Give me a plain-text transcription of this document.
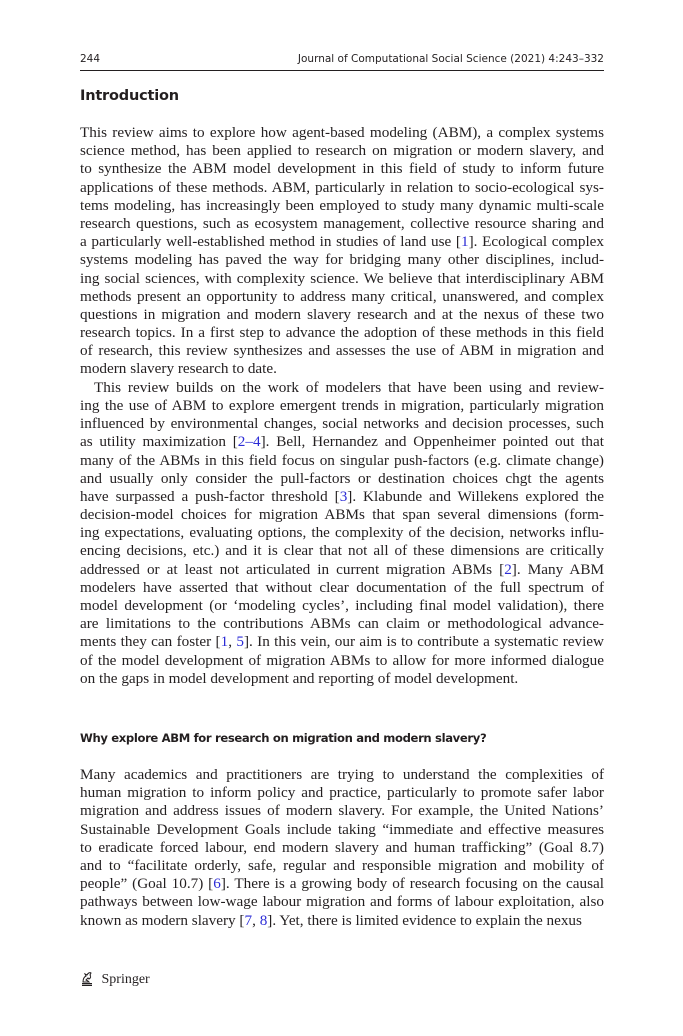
244	Journal of Computational Social Science (2021) 4:243–332
Introduction
This review aims to explore how agent-based modeling (ABM), a complex systems
science method, has been applied to research on migration or modern slavery, and
to synthesize the ABM model development in this field of study to inform future
applications of these methods. ABM, particularly in relation to socio-ecological sys-
tems modeling, has increasingly been employed to study many dynamic multi-scale
research questions, such as ecosystem management, collective resource sharing and
a particularly well-established method in studies of land use [1]. Ecological complex
systems modeling has paved the way for bridging many other disciplines, includ-
ing social sciences, with complexity science. We believe that interdisciplinary ABM
methods present an opportunity to address many critical, unanswered, and complex
questions in migration and modern slavery research and at the nexus of these two
research topics. In a first step to advance the adoption of these methods in this field
of research, this review synthesizes and assesses the use of ABM in migration and
modern slavery research to date.
This review builds on the work of modelers that have been using and review-
ing the use of ABM to explore emergent trends in migration, particularly migration
influenced by environmental changes, social networks and decision processes, such
as utility maximization [2–4]. Bell, Hernandez and Oppenheimer pointed out that
many of the ABMs in this field focus on singular push-factors (e.g. climate change)
and usually only consider the pull-factors or destination choices chgt the agents
have surpassed a push-factor threshold [3]. Klabunde and Willekens explored the
decision-model choices for migration ABMs that span several dimensions (form-
ing expectations, evaluating options, the complexity of the decision, networks influ-
encing decisions, etc.) and it is clear that not all of these dimensions are critically
addressed or at least not articulated in current migration ABMs [2]. Many ABM
modelers have asserted that without clear documentation of the full spectrum of
model development (or ‘modeling cycles’, including final model validation), there
are limitations to the contributions ABMs can claim or methodological advance-
ments they can foster [1, 5]. In this vein, our aim is to contribute a systematic review
of the model development of migration ABMs to allow for more informed dialogue
on the gaps in model development and reporting of model development.
Why explore ABM for research on migration and modern slavery?
Many academics and practitioners are trying to understand the complexities of
human migration to inform policy and practice, particularly to promote safer labor
migration and address issues of modern slavery. For example, the United Nations’
Sustainable Development Goals include taking “immediate and effective measures
to eradicate forced labour, end modern slavery and human trafficking” (Goal 8.7)
and to “facilitate orderly, safe, regular and responsible migration and mobility of
people” (Goal 10.7) [6]. There is a growing body of research focusing on the causal
pathways between low-wage labour migration and forms of labour exploitation, also
known as modern slavery [7, 8]. Yet, there is limited evidence to explain the nexus
Springer
